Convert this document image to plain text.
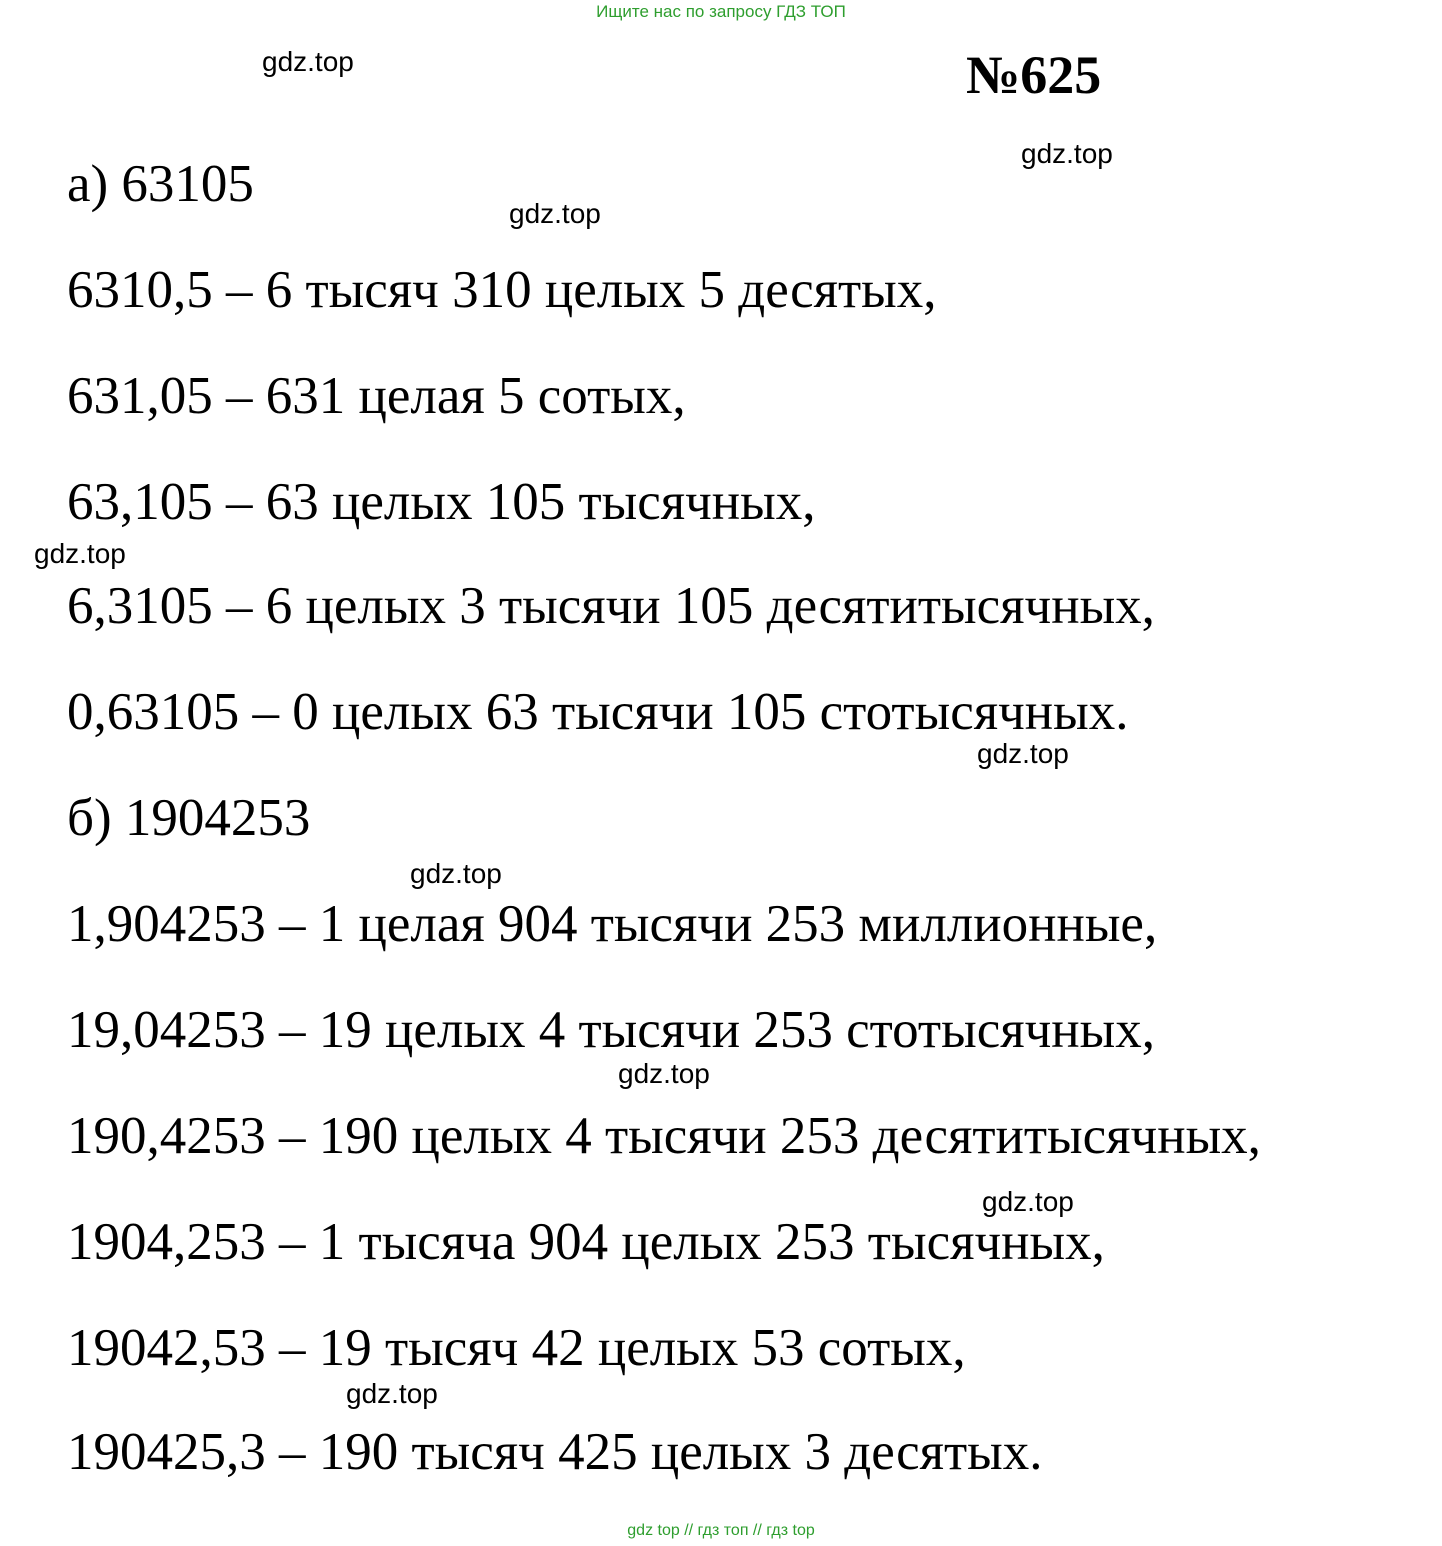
Ищите нас по запросу ГДЗ ТОП
№625
gdz.top
gdz.top
gdz.top
gdz.top
gdz.top
gdz.top
gdz.top
gdz.top
gdz.top
а) 63105
6310,5 – 6 тысяч 310 целых 5 десятых,
631,05 – 631 целая 5 сотых,
63,105 – 63 целых 105 тысячных,
6,3105 – 6 целых 3 тысячи 105 десятитысячных,
0,63105 – 0 целых 63 тысячи 105 стотысячных.
б) 1904253
1,904253 – 1 целая 904 тысячи 253 миллионные,
19,04253 – 19 целых 4 тысячи 253 стотысячных,
190,4253 – 190 целых 4 тысячи 253 десятитысячных,
1904,253 – 1 тысяча 904 целых 253 тысячных,
19042,53 – 19 тысяч 42 целых 53 сотых,
190425,3 – 190 тысяч 425 целых 3 десятых.
gdz top // гдз топ // гдз top
